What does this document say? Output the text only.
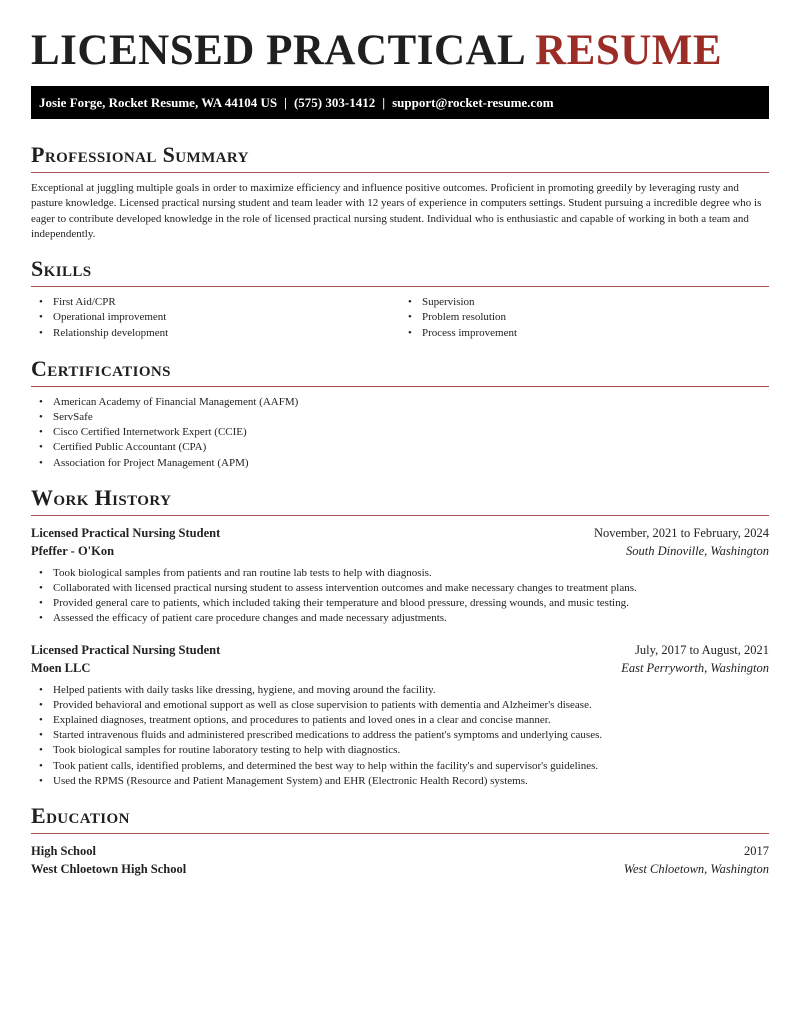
LICENSED PRACTICAL RESUME
Josie Forge, Rocket Resume, WA 44104 US | (575) 303-1412 | support@rocket-resume.com
Professional Summary

Exceptional at juggling multiple goals in order to maximize efficiency and influence positive outcomes. Proficient in promoting greedily by leveraging rusty and pasture knowledge. Licensed practical nursing student and team leader with 12 years of experience in computers settings. Student pursuing a incredible degree who is eager to contribute developed knowledge in the role of licensed practical nursing student. Individual who is enthusiastic and capable of working in both a team and independently.

Skills
• First Aid/CPR
• Operational improvement
• Relationship development
• Supervision
• Problem resolution
• Process improvement
Certifications
• American Academy of Financial Management (AAFM)
• ServSafe
• Cisco Certified Internetwork Expert (CCIE)
• Certified Public Accountant (CPA)
• Association for Project Management (APM)
Work History
Licensed Practical Nursing Student	November, 2021 to February, 2024
Pfeffer - O'Kon	South Dinoville, Washington
• Took biological samples from patients and ran routine lab tests to help with diagnosis.
• Collaborated with licensed practical nursing student to assess intervention outcomes and make necessary changes to treatment plans.
• Provided general care to patients, which included taking their temperature and blood pressure, dressing wounds, and music testing.
• Assessed the efficacy of patient care procedure changes and made necessary adjustments.
Licensed Practical Nursing Student	July, 2017 to August, 2021
Moen LLC	East Perryworth, Washington
• Helped patients with daily tasks like dressing, hygiene, and moving around the facility.
• Provided behavioral and emotional support as well as close supervision to patients with dementia and Alzheimer's disease.
• Explained diagnoses, treatment options, and procedures to patients and loved ones in a clear and concise manner.
• Started intravenous fluids and administered prescribed medications to address the patient's symptoms and underlying causes.
• Took biological samples for routine laboratory testing to help with diagnostics.
• Took patient calls, identified problems, and determined the best way to help within the facility's and supervisor's guidelines.
• Used the RPMS (Resource and Patient Management System) and EHR (Electronic Health Record) systems.
Education
High School	2017
West Chloetown High School	West Chloetown, Washington
